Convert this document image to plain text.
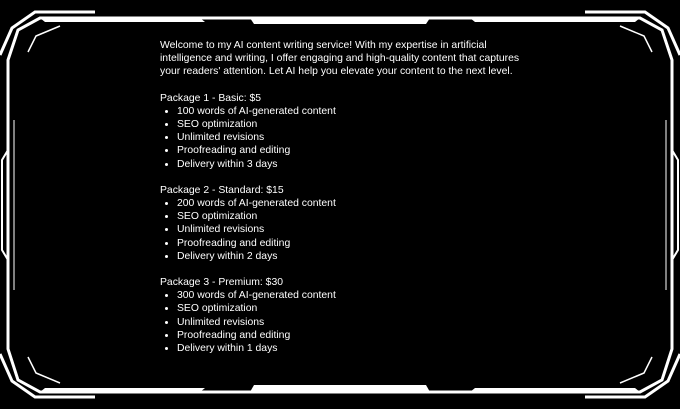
Welcome to my AI content writing service! With my expertise in artificial intelligence and writing, I offer engaging and high-quality content that captures your readers' attention. Let AI help you elevate your content to the next level.

Package 1 - Basic: $5

• 100 words of AI-generated content
• SEO optimization
• Unlimited revisions
• Proofreading and editing
• Delivery within 3 days

Package 2 - Standard: $15

• 200 words of AI-generated content
• SEO optimization
• Unlimited revisions
• Proofreading and editing
• Delivery within 2 days

Package 3 - Premium: $30

• 300 words of AI-generated content
• SEO optimization
• Unlimited revisions
• Proofreading and editing
• Delivery within 1 days
